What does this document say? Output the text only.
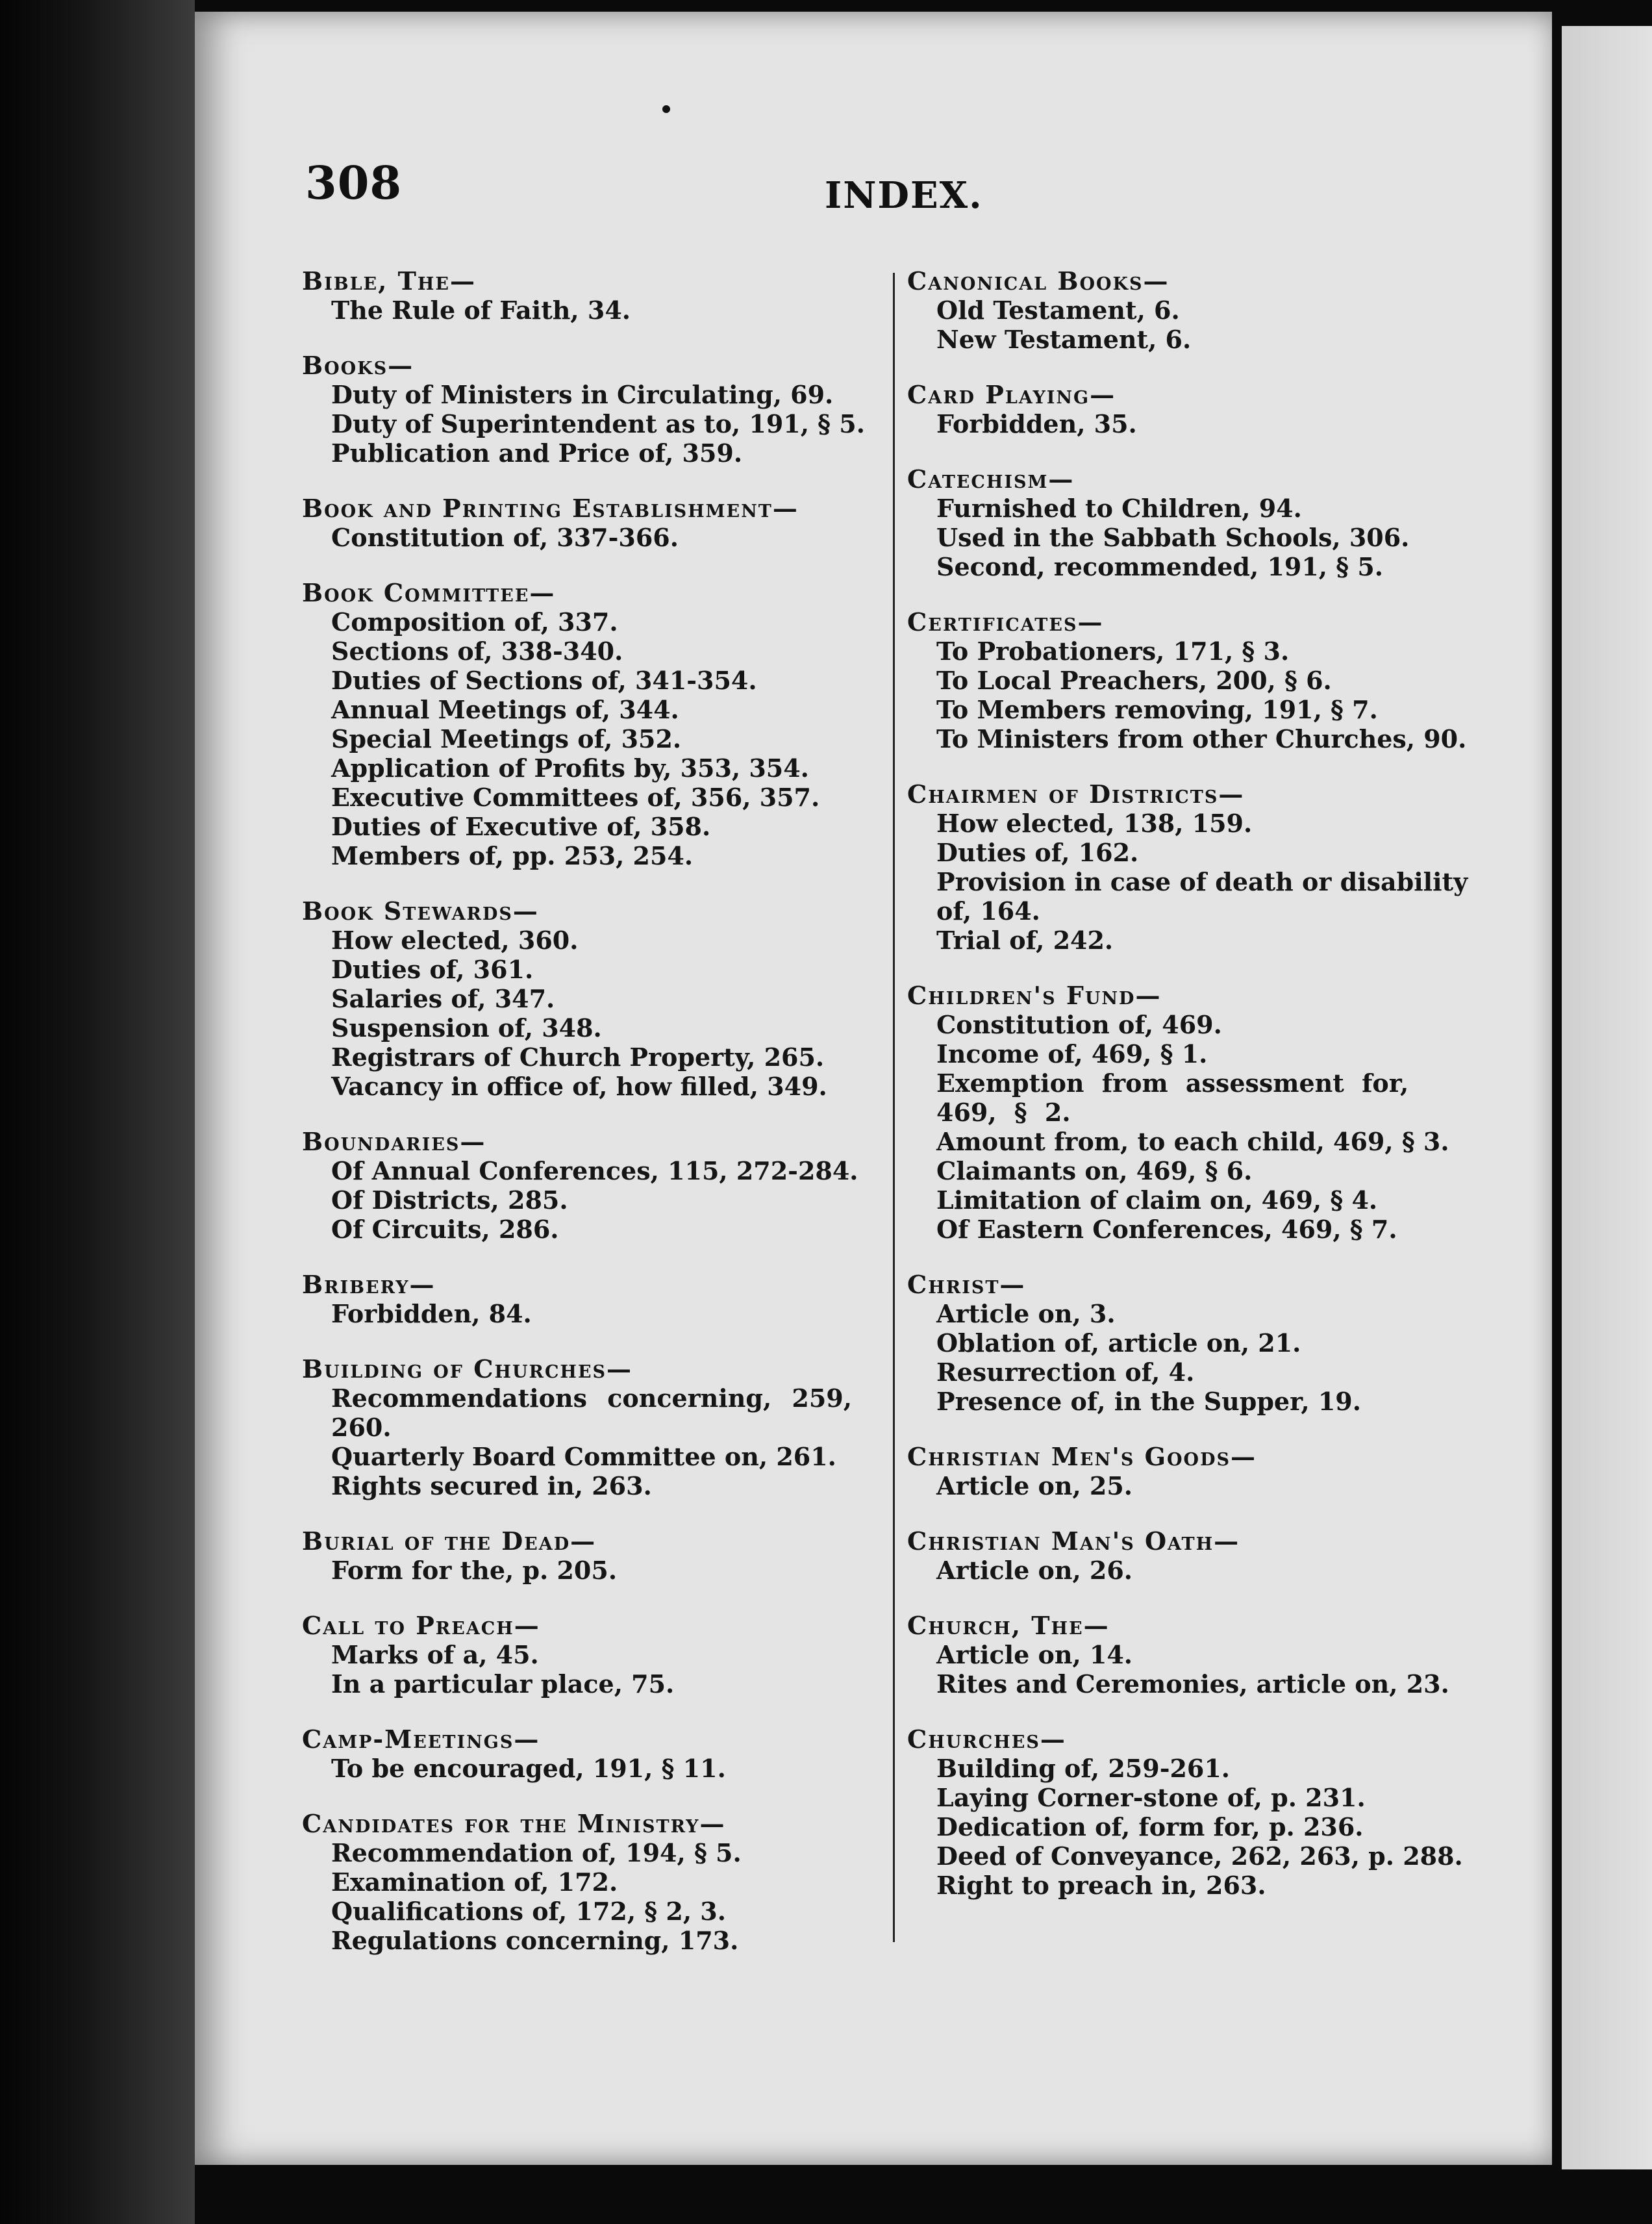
308	INDEX.
Bible, The—
The Rule of Faith, 34.
Books—
Duty of Ministers in Circulating, 69.
Duty of Superintendent as to, 191, § 5.
Publication and Price of, 359.
Book and Printing Establishment—
Constitution of, 337-366.
Book Committee—
Composition of, 337.
Sections of, 338-340.
Duties of Sections of, 341-354.
Annual Meetings of, 344.
Special Meetings of, 352.
Application of Profits by, 353, 354.
Executive Committees of, 356, 357.
Duties of Executive of, 358.
Members of, pp. 253, 254.
Book Stewards—
How elected, 360.
Duties of, 361.
Salaries of, 347.
Suspension of, 348.
Registrars of Church Property, 265.
Vacancy in office of, how filled, 349.
Boundaries—
Of Annual Conferences, 115, 272-284.
Of Districts, 285.
Of Circuits, 286.
Bribery—
Forbidden, 84.
Building of Churches—
Recommendations concerning, 259, 260.
Quarterly Board Committee on, 261.
Rights secured in, 263.
Burial of the Dead—
Form for the, p. 205.
Call to Preach—
Marks of a, 45.
In a particular place, 75.
Camp-Meetings—
To be encouraged, 191, § 11.
Candidates for the Ministry—
Recommendation of, 194, § 5.
Examination of, 172.
Qualifications of, 172, § 2, 3.
Regulations concerning, 173.
Canonical Books—
Old Testament, 6.
New Testament, 6.
Card Playing—
Forbidden, 35.
Catechism—
Furnished to Children, 94.
Used in the Sabbath Schools, 306.
Second, recommended, 191, § 5.
Certificates—
To Probationers, 171, § 3.
To Local Preachers, 200, § 6.
To Members removing, 191, § 7.
To Ministers from other Churches, 90.
Chairmen of Districts—
How elected, 138, 159.
Duties of, 162.
Provision in case of death or disability of, 164.
Trial of, 242.
Children's Fund—
Constitution of, 469.
Income of, 469, § 1.
Exemption from assessment for, 469, § 2.
Amount from, to each child, 469, § 3.
Claimants on, 469, § 6.
Limitation of claim on, 469, § 4.
Of Eastern Conferences, 469, § 7.
Christ—
Article on, 3.
Oblation of, article on, 21.
Resurrection of, 4.
Presence of, in the Supper, 19.
Christian Men's Goods—
Article on, 25.
Christian Man's Oath—
Article on, 26.
Church, The—
Article on, 14.
Rites and Ceremonies, article on, 23.
Churches—
Building of, 259-261.
Laying Corner-stone of, p. 231.
Dedication of, form for, p. 236.
Deed of Conveyance, 262, 263, p. 288.
Right to preach in, 263.
